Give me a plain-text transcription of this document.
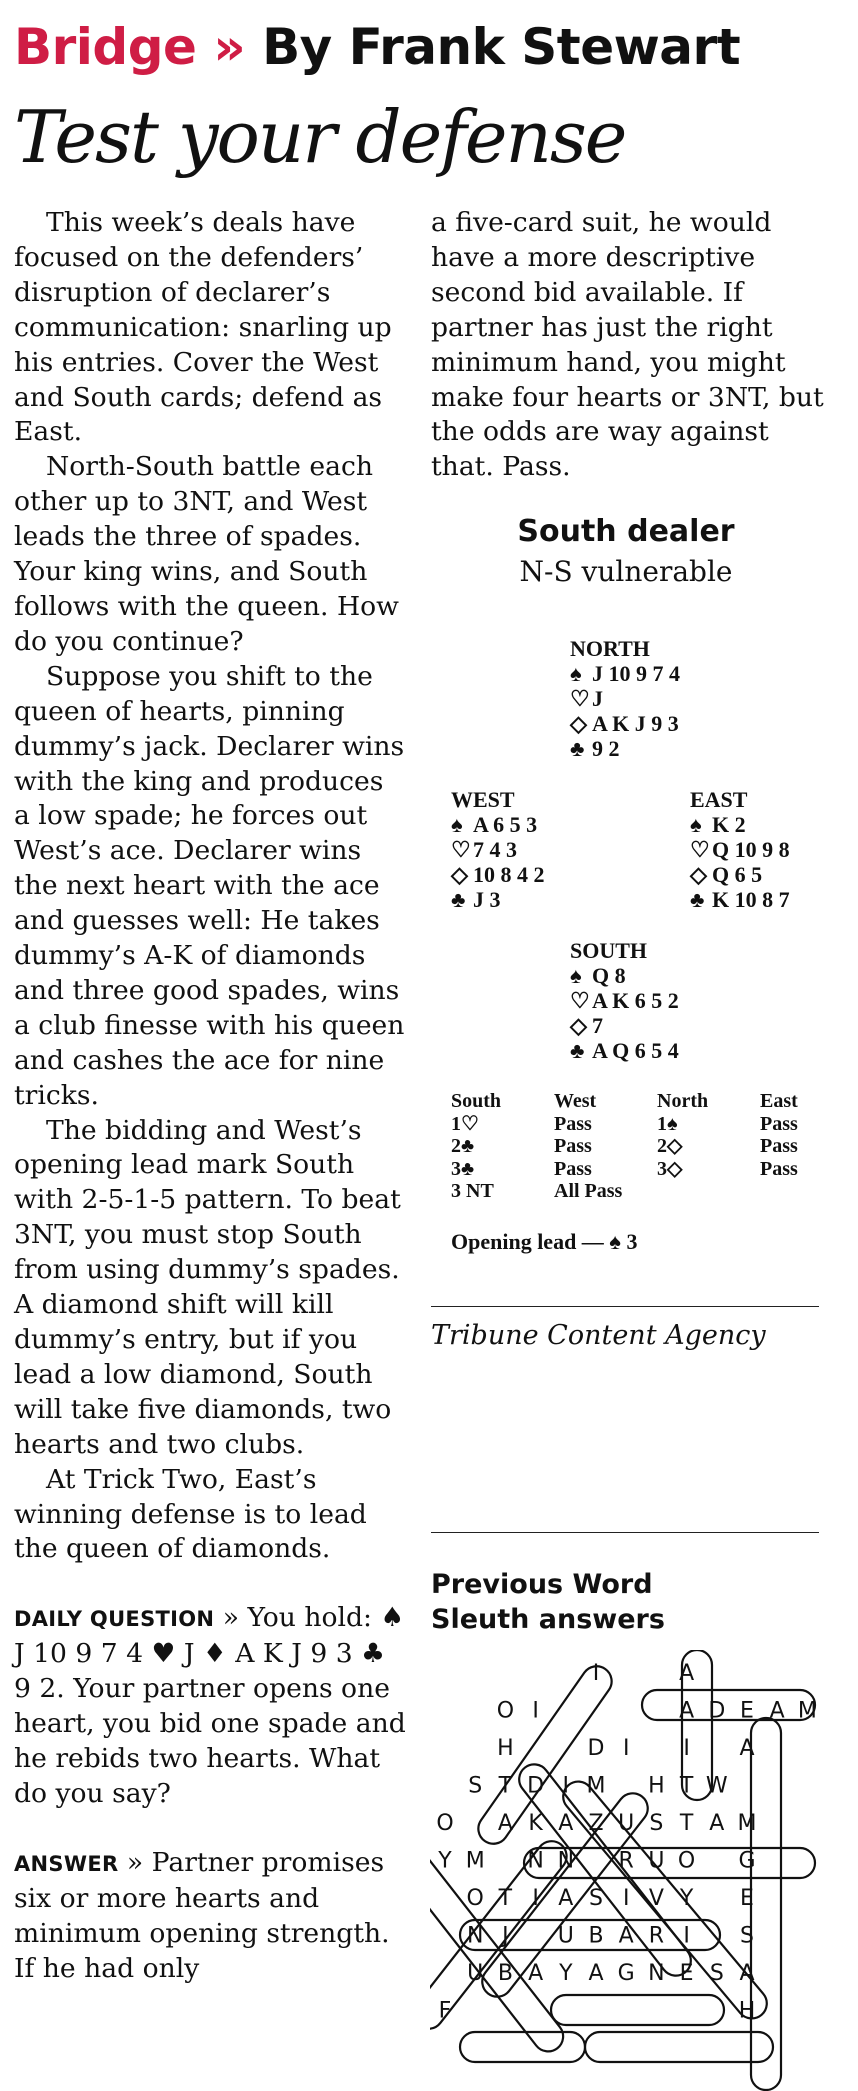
Bridge » By Frank Stewart
Test your defense

This week’s deals have focused on the defenders’ disruption of declarer’s communication: snarling up his entries. Cover the West and South cards; defend as East.

North-South battle each other up to 3NT, and West leads the three of spades. Your king wins, and South follows with the queen. How do you continue?

Suppose you shift to the queen of hearts, pinning dummy’s jack. Declarer wins with the king and produces a low spade; he forces out West’s ace. Declarer wins the next heart with the ace and guesses well: He takes dummy’s A-K of diamonds and three good spades, wins a club finesse with his queen and cashes the ace for nine tricks.

The bidding and West’s opening lead mark South with 2-5-1-5 pattern. To beat 3NT, you must stop South from using dummy’s spades. A diamond shift will kill dummy’s entry, but if you lead a low diamond, South will take five diamonds, two hearts and two clubs.

At Trick Two, East’s winning defense is to lead the queen of diamonds.

DAILY QUESTION » You hold: ♠ J 10 9 7 4 ♥ J ♦ A K J 9 3 ♣ 9 2. Your partner opens one heart, you bid one spade and he rebids two hearts. What do you say?

ANSWER » Partner promises six or more hearts and minimum opening strength. If he had only

a five-card suit, he would have a more descriptive second bid available. If partner has just the right minimum hand, you might make four hearts or 3NT, but the odds are way against that. Pass.

South dealer
N-S vulnerable
NORTH
♠ J 10 9 7 4
♡ J
◇ A K J 9 3
♣ 9 2
WEST
♠ A 6 5 3
♡ 7 4 3
◇ 10 8 4 2
♣ J 3
EAST
♠ K 2
♡ Q 10 9 8
◇ Q 6 5
♣ K 10 8 7
SOUTH
♠ Q 8
♡ A K 6 5 2
◇ 7
♣ A Q 6 5 4
South	West	North	East
1♡	Pass	1♠	Pass
2♣	Pass	2◇	Pass
3♣	Pass	3◇	Pass
3 NT	All Pass
Opening lead — ♠ 3
Tribune Content Agency
Previous Word
Sleuth answers
I	A
O I	A D E A M
H	D I I A
S T D I M H T W
O A K A Z U S T A M
Y M N N R U O G
O T I A S I V Y E
N J U B A R I S
U B A Y A G N E S A
F	H
